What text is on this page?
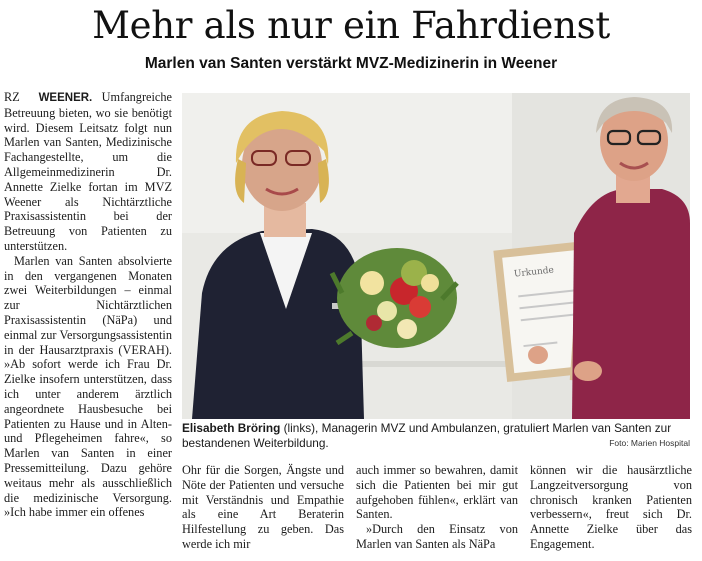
Mehr als nur ein Fahrdienst
Marlen van Santen verstärkt MVZ-Medizinerin in Weener

RZ WEENER. Umfangreiche Betreuung bieten, wo sie benötigt wird. Diesem Leitsatz folgt nun Marlen van Santen, Medizinische Fachangestellte, um die Allgemeinmedizinerin Dr. Annette Zielke fortan im MVZ Weener als Nichtärztliche Praxisassistentin bei der Betreuung von Patienten zu unterstützen.

Marlen van Santen absolvierte in den vergangenen Monaten zwei Weiterbildungen – einmal zur Nichtärztlichen Praxisassistentin (NäPa) und einmal zur Versorgungsassistentin in der Hausarztpraxis (VERAH). »Ab sofort werde ich Frau Dr. Zielke insofern unterstützen, dass ich unter anderem ärztlich angeordnete Hausbesuche bei Patienten zu Hause und in Alten- und Pflegeheimen fahre«, so Marlen van Santen in einer Pressemitteilung. Dazu gehöre weitaus mehr als ausschließlich die medizinische Versorgung. »Ich habe immer ein offenes

Urkunde
Elisabeth Bröring (links), Managerin MVZ und Ambulanzen, gratuliert Marlen van Santen zur bestandenen Weiterbildung.	Foto: Marien Hospital

Ohr für die Sorgen, Ängste und Nöte der Patienten und versuche mit Verständnis und Empathie als eine Art Beraterin Hilfestellung zu geben. Das werde ich mir

auch immer so bewahren, damit sich die Patienten bei mir gut aufgehoben fühlen«, erklärt van Santen.

»Durch den Einsatz von Marlen van Santen als NäPa

können wir die hausärztliche Langzeitversorgung von chronisch kranken Patienten verbessern«, freut sich Dr. Annette Zielke über das Engagement.
